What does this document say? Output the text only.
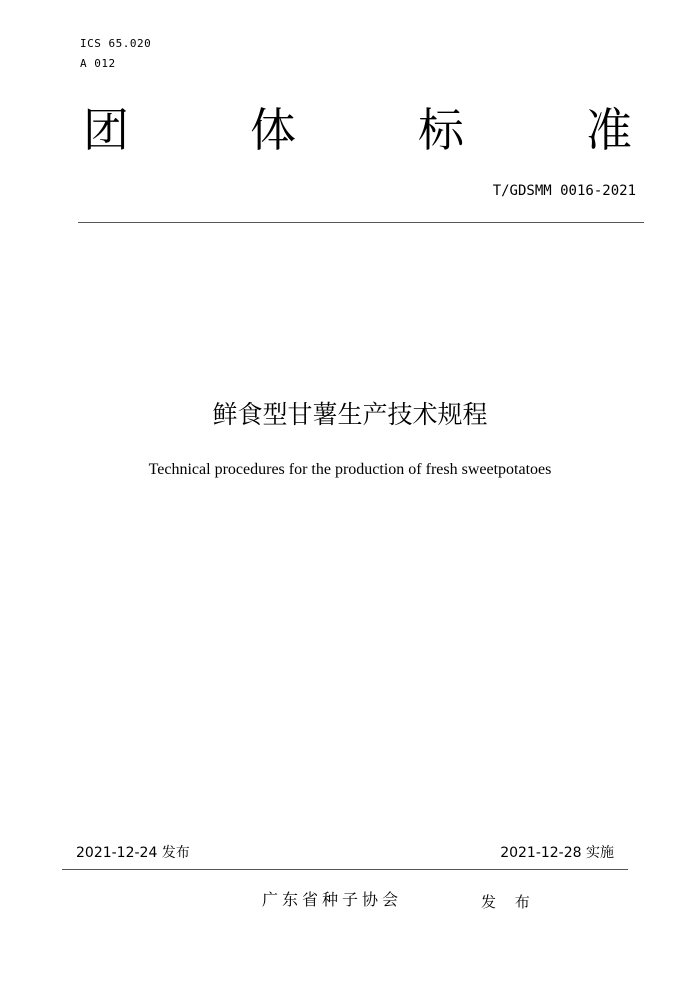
ICS 65.020
A 012
团	体	标	准
T/GDSMM 0016-2021
鲜食型甘薯生产技术规程
Technical procedures for the production of fresh sweetpotatoes
2021-12-24 发布	2021-12-28 实施
广东省种子协会	发 布
